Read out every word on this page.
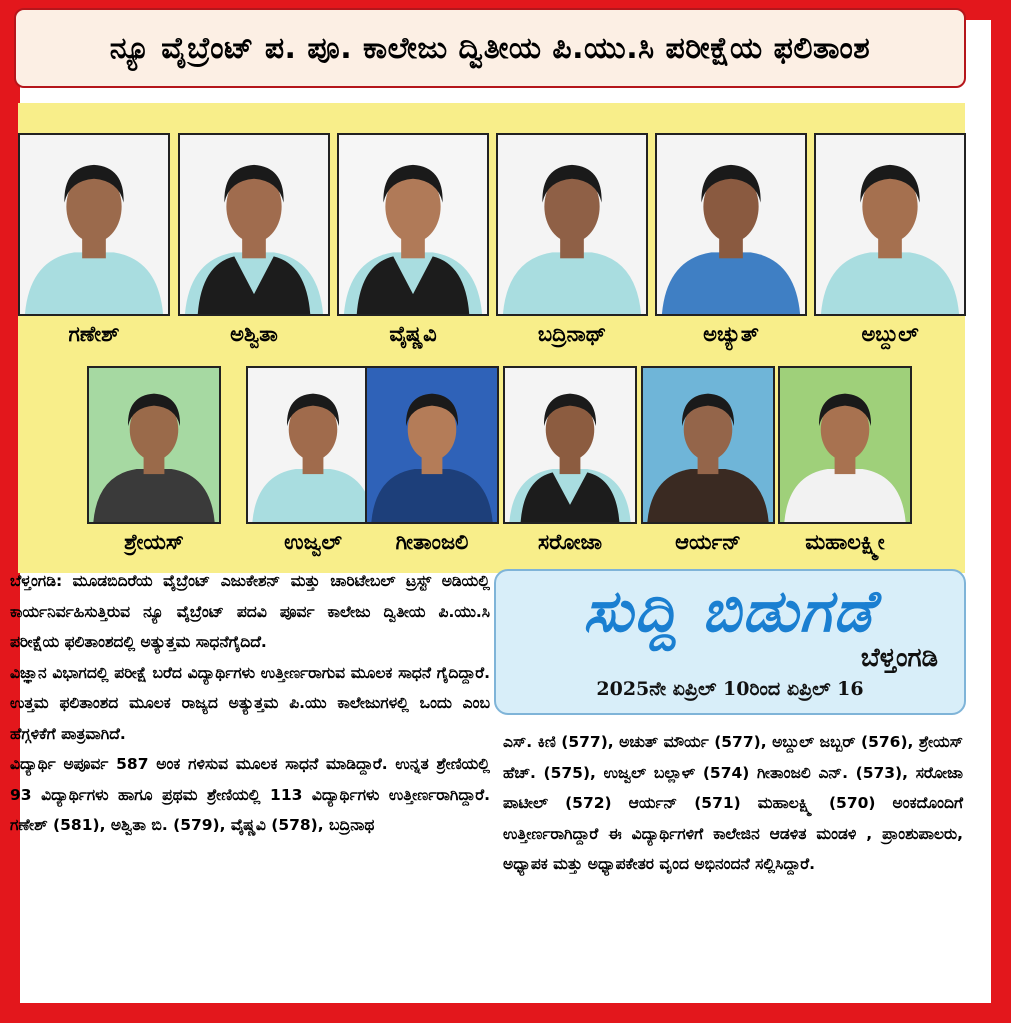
ನ್ಯೂ ವೈಬ್ರೆಂಟ್ ಪ. ಪೂ. ಕಾಲೇಜು ದ್ವಿತೀಯ ಪಿ.ಯು.ಸಿ ಪರೀಕ್ಷೆಯ ಫಲಿತಾಂಶ
ಗಣೇಶ್	ಅಶ್ವಿತಾ	ವೈಷ್ಣವಿ	ಬದ್ರಿನಾಥ್	ಅಚ್ಯುತ್	ಅಬ್ದುಲ್
ಶ್ರೇಯಸ್	ಉಜ್ವಲ್	ಗೀತಾಂಜಲಿ	ಸರೋಜಾ	ಆರ್ಯನ್	ಮಹಾಲಕ್ಷ್ಮೀ

ಬೆಳ್ತಂಗಡಿ: ಮೂಡಬಿದಿರೆಯ ವೈಬ್ರೆಂಟ್ ಎಜುಕೇಶನ್ ಮತ್ತು ಚಾರಿಟೇಬಲ್ ಟ್ರಸ್ಟ್ ಅಡಿಯಲ್ಲಿ ಕಾರ್ಯನಿರ್ವಹಿಸುತ್ತಿರುವ ನ್ಯೂ ವೈಬ್ರೆಂಟ್ ಪದವಿ ಪೂರ್ವ ಕಾಲೇಜು ದ್ವಿತೀಯ ಪಿ.ಯು.ಸಿ ಪರೀಕ್ಷೆಯ ಫಲಿತಾಂಶದಲ್ಲಿ ಅತ್ಯುತ್ತಮ ಸಾಧನೆಗೈದಿದೆ.

ವಿಜ್ಞಾನ ವಿಭಾಗದಲ್ಲಿ ಪರೀಕ್ಷೆ ಬರೆದ ವಿದ್ಯಾರ್ಥಿಗಳು ಉತ್ತೀರ್ಣರಾಗುವ ಮೂಲಕ ಸಾಧನೆ ಗೈದಿದ್ದಾರೆ. ಉತ್ತಮ ಫಲಿತಾಂಶದ ಮೂಲಕ ರಾಜ್ಯದ ಅತ್ಯುತ್ತಮ ಪಿ.ಯು ಕಾಲೇಜುಗಳಲ್ಲಿ ಒಂದು ಎಂಬ ಹೆಗ್ಗಳಿಕೆಗೆ ಪಾತ್ರವಾಗಿದೆ.

ವಿದ್ಯಾರ್ಥಿ ಅಪೂರ್ವ 587 ಅಂಕ ಗಳಿಸುವ ಮೂಲಕ ಸಾಧನೆ ಮಾಡಿದ್ದಾರೆ. ಉನ್ನತ ಶ್ರೇಣಿಯಲ್ಲಿ 93 ವಿದ್ಯಾರ್ಥಿಗಳು ಹಾಗೂ ಪ್ರಥಮ ಶ್ರೇಣಿಯಲ್ಲಿ 113 ವಿದ್ಯಾರ್ಥಿಗಳು ಉತ್ತೀರ್ಣರಾಗಿದ್ದಾರೆ. ಗಣೇಶ್ (581), ಅಶ್ವಿತಾ ಬಿ. (579), ವೈಷ್ಣವಿ (578), ಬದ್ರಿನಾಥ

ಸುದ್ದಿ ಬಿಡುಗಡೆ
ಬೆಳ್ತಂಗಡಿ
2025ನೇ ಏಪ್ರಿಲ್ 10ರಿಂದ ಏಪ್ರಿಲ್ 16

ಎಸ್. ಕಿಣಿ (577), ಅಚುತ್ ಮೌರ್ಯ (577), ಅಬ್ದುಲ್ ಜಬ್ಬರ್ (576), ಶ್ರೇಯಸ್ ಹೆಚ್. (575), ಉಜ್ವಲ್ ಬಲ್ಲಾಳ್ (574) ಗೀತಾಂಜಲಿ ಎನ್. (573), ಸರೋಜಾ ಪಾಟೀಲ್ (572) ಆರ್ಯನ್ (571) ಮಹಾಲಕ್ಷ್ಮಿ (570) ಅಂಕದೊಂದಿಗೆ ಉತ್ತೀರ್ಣರಾಗಿದ್ದಾರೆ ಈ ವಿದ್ಯಾರ್ಥಿಗಳಿಗೆ ಕಾಲೇಜಿನ ಆಡಳಿತ ಮಂಡಳಿ , ಪ್ರಾಂಶುಪಾಲರು, ಅಧ್ಯಾಪಕ ಮತ್ತು ಅಧ್ಯಾಪಕೇತರ ವೃಂದ ಅಭಿನಂದನೆ ಸಲ್ಲಿಸಿದ್ದಾರೆ.
